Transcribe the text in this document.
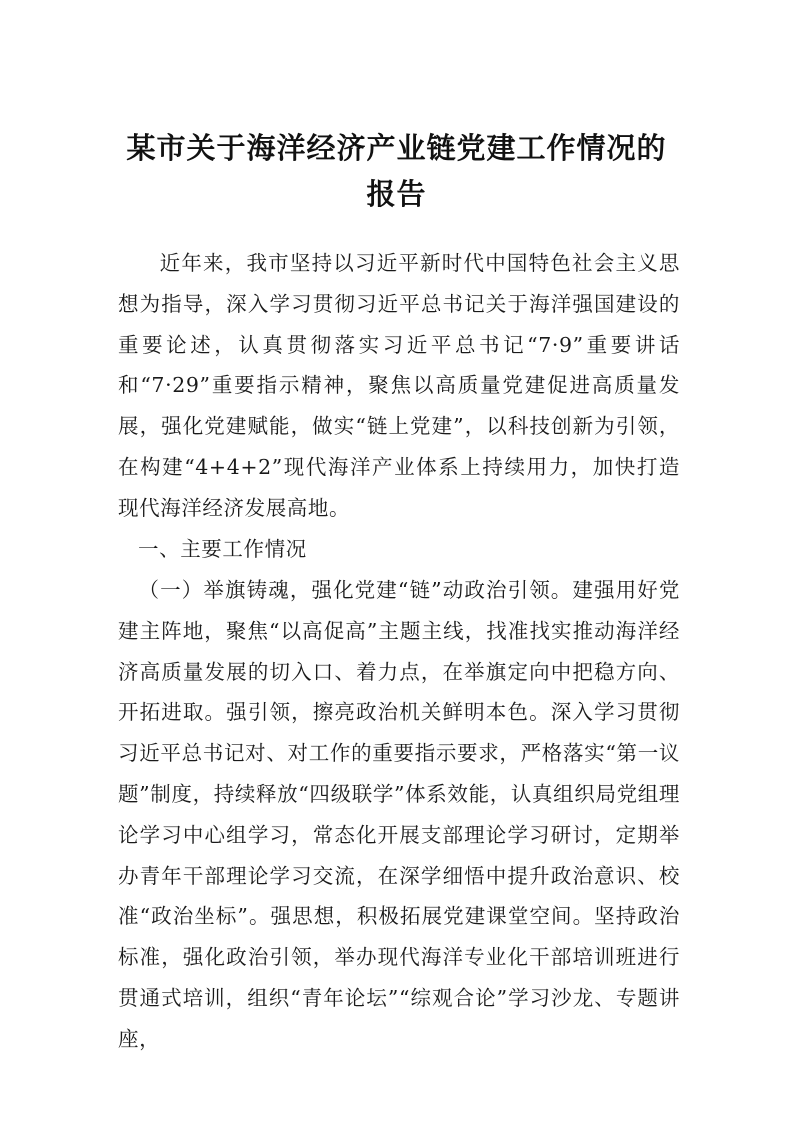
某市关于海洋经济产业链党建工作情况的
报告

近年来，我市坚持以习近平新时代中国特色社会主义思想为指导，深入学习贯彻习近平总书记关于海洋强国建设的重要论述，认真贯彻落实习近平总书记“7·9”重要讲话和“7·29”重要指示精神，聚焦以高质量党建促进高质量发展，强化党建赋能，做实“链上党建”，以科技创新为引领，在构建“4+4+2”现代海洋产业体系上持续用力，加快打造现代海洋经济发展高地。

一、主要工作情况

（一）举旗铸魂，强化党建“链”动政治引领。建强用好党建主阵地，聚焦“以高促高”主题主线，找准找实推动海洋经济高质量发展的切入口、着力点，在举旗定向中把稳方向、开拓进取。强引领，擦亮政治机关鲜明本色。深入学习贯彻习近平总书记对、对工作的重要指示要求，严格落实“第一议题”制度，持续释放“四级联学”体系效能，认真组织局党组理论学习中心组学习，常态化开展支部理论学习研讨，定期举办青年干部理论学习交流，在深学细悟中提升政治意识、校准“政治坐标”。强思想，积极拓展党建课堂空间。坚持政治标准，强化政治引领，举办现代海洋专业化干部培训班进行贯通式培训，组织“青年论坛”“综观合论”学习沙龙、专题讲座，
